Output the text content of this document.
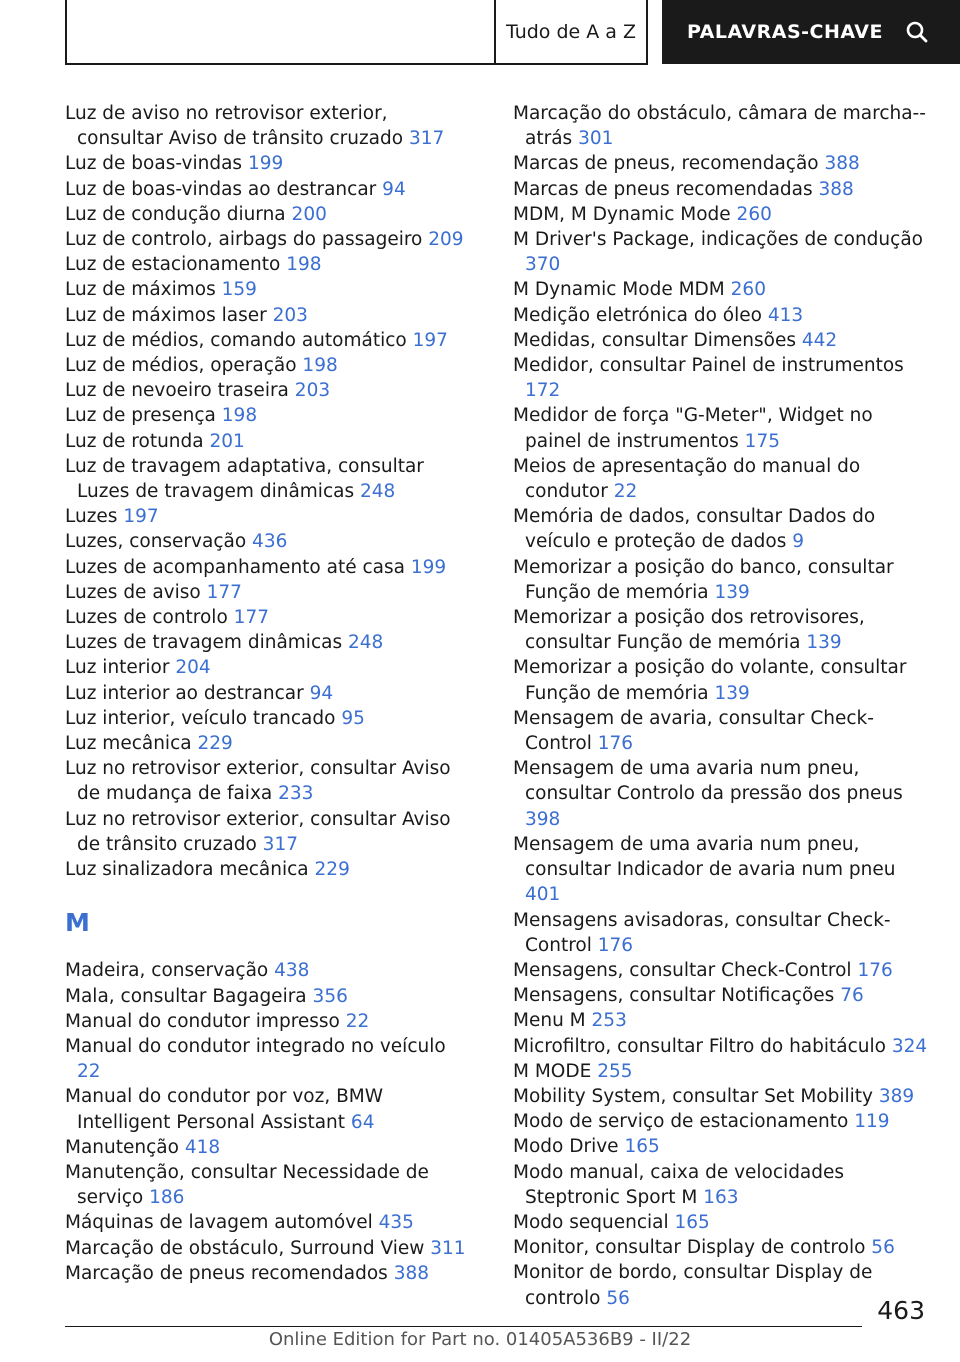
Tudo de A a Z	PALAVRAS-CHAVE
Luz de aviso no retrovisor exterior, consultar Aviso de trânsito cruzado 317
Luz de boas-vindas 199
Luz de boas-vindas ao destrancar 94
Luz de condução diurna 200
Luz de controlo, airbags do passageiro 209
Luz de estacionamento 198
Luz de máximos 159
Luz de máximos laser 203
Luz de médios, comando automático 197
Luz de médios, operação 198
Luz de nevoeiro traseira 203
Luz de presença 198
Luz de rotunda 201
Luz de travagem adaptativa, consultar Luzes de travagem dinâmicas 248
Luzes 197
Luzes, conservação 436
Luzes de acompanhamento até casa 199
Luzes de aviso 177
Luzes de controlo 177
Luzes de travagem dinâmicas 248
Luz interior 204
Luz interior ao destrancar 94
Luz interior, veículo trancado 95
Luz mecânica 229
Luz no retrovisor exterior, consultar Aviso de mudança de faixa 233
Luz no retrovisor exterior, consultar Aviso de trânsito cruzado 317
Luz sinalizadora mecânica 229
M
Madeira, conservação 438
Mala, consultar Bagageira 356
Manual do condutor impresso 22
Manual do condutor integrado no veículo 22
Manual do condutor por voz, BMW Intelligent Personal Assistant 64
Manutenção 418
Manutenção, consultar Necessidade de serviço 186
Máquinas de lavagem automóvel 435
Marcação de obstáculo, Surround View 311
Marcação de pneus recomendados 388
Marcação do obstáculo, câmara de marcha--atrás 301
Marcas de pneus, recomendação 388
Marcas de pneus recomendadas 388
MDM, M Dynamic Mode 260
M Driver's Package, indicações de condução 370
M Dynamic Mode MDM 260
Medição eletrónica do óleo 413
Medidas, consultar Dimensões 442
Medidor, consultar Painel de instrumentos 172
Medidor de força "G-Meter", Widget no painel de instrumentos 175
Meios de apresentação do manual do condutor 22
Memória de dados, consultar Dados do veículo e proteção de dados 9
Memorizar a posição do banco, consultar Função de memória 139
Memorizar a posição dos retrovisores, consultar Função de memória 139
Memorizar a posição do volante, consultar Função de memória 139
Mensagem de avaria, consultar Check-Control 176
Mensagem de uma avaria num pneu, consultar Controlo da pressão dos pneus 398
Mensagem de uma avaria num pneu, consultar Indicador de avaria num pneu 401
Mensagens avisadoras, consultar Check-Control 176
Mensagens, consultar Check-Control 176
Mensagens, consultar Notificações 76
Menu M 253
Microfiltro, consultar Filtro do habitáculo 324
M MODE 255
Mobility System, consultar Set Mobility 389
Modo de serviço de estacionamento 119
Modo Drive 165
Modo manual, caixa de velocidades Steptronic Sport M 163
Modo sequencial 165
Monitor, consultar Display de controlo 56
Monitor de bordo, consultar Display de controlo 56	463
Online Edition for Part no. 01405A536B9 - II/22
